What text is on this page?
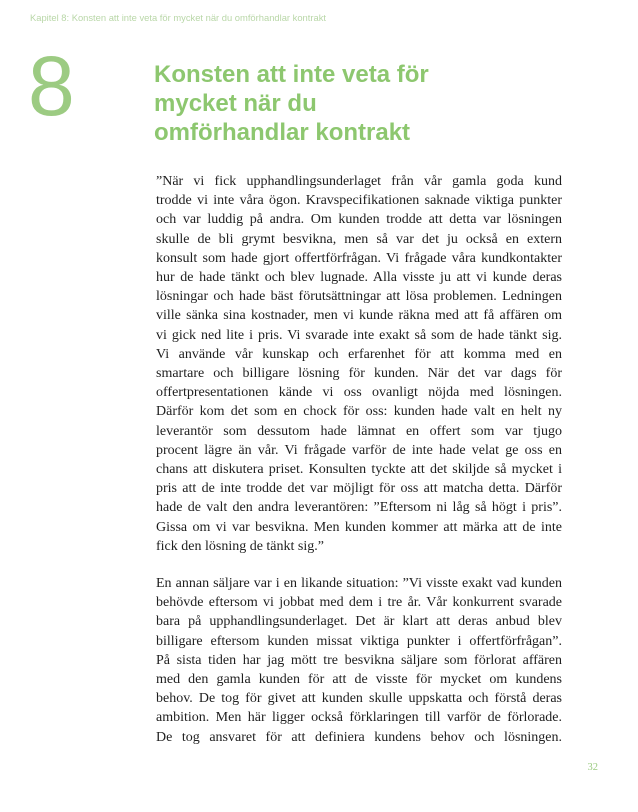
Kapitel 8: Konsten att inte veta för mycket när du omförhandlar kontrakt
8	Konsten att inte veta för
mycket när du
omförhandlar kontrakt

”När vi fick upphandlingsunderlaget från vår gamla goda kund
trodde vi inte våra ögon. Kravspecifikationen saknade viktiga punkter
och var luddig på andra. Om kunden trodde att detta var lösningen
skulle de bli grymt besvikna, men så var det ju också en extern
konsult som hade gjort offertförfrågan. Vi frågade våra kundkontakter
hur de hade tänkt och blev lugnade. Alla visste ju att vi kunde deras
lösningar och hade bäst förutsättningar att lösa problemen. Ledningen
ville sänka sina kostnader, men vi kunde räkna med att få affären om
vi gick ned lite i pris. Vi svarade inte exakt så som de hade tänkt sig.
Vi använde vår kunskap och erfarenhet för att komma med en
smartare och billigare lösning för kunden. När det var dags för
offertpresentationen kände vi oss ovanligt nöjda med lösningen.
Därför kom det som en chock för oss: kunden hade valt en helt ny
leverantör som dessutom hade lämnat en offert som var tjugo
procent lägre än vår. Vi frågade varför de inte hade velat ge oss en
chans att diskutera priset. Konsulten tyckte att det skiljde så mycket i
pris att de inte trodde det var möjligt för oss att matcha detta. Därför
hade de valt den andra leverantören: ”Eftersom ni låg så högt i pris”.
Gissa om vi var besvikna. Men kunden kommer att märka att de inte
fick den lösning de tänkt sig.”

En annan säljare var i en likande situation: ”Vi visste exakt vad kunden
behövde eftersom vi jobbat med dem i tre år. Vår konkurrent svarade
bara på upphandlingsunderlaget. Det är klart att deras anbud blev
billigare eftersom kunden missat viktiga punkter i offertförfrågan”.
På sista tiden har jag mött tre besvikna säljare som förlorat affären
med den gamla kunden för att de visste för mycket om kundens
behov. De tog för givet att kunden skulle uppskatta och förstå deras
ambition. Men här ligger också förklaringen till varför de förlorade.
De tog ansvaret för att definiera kundens behov och lösningen.

32
